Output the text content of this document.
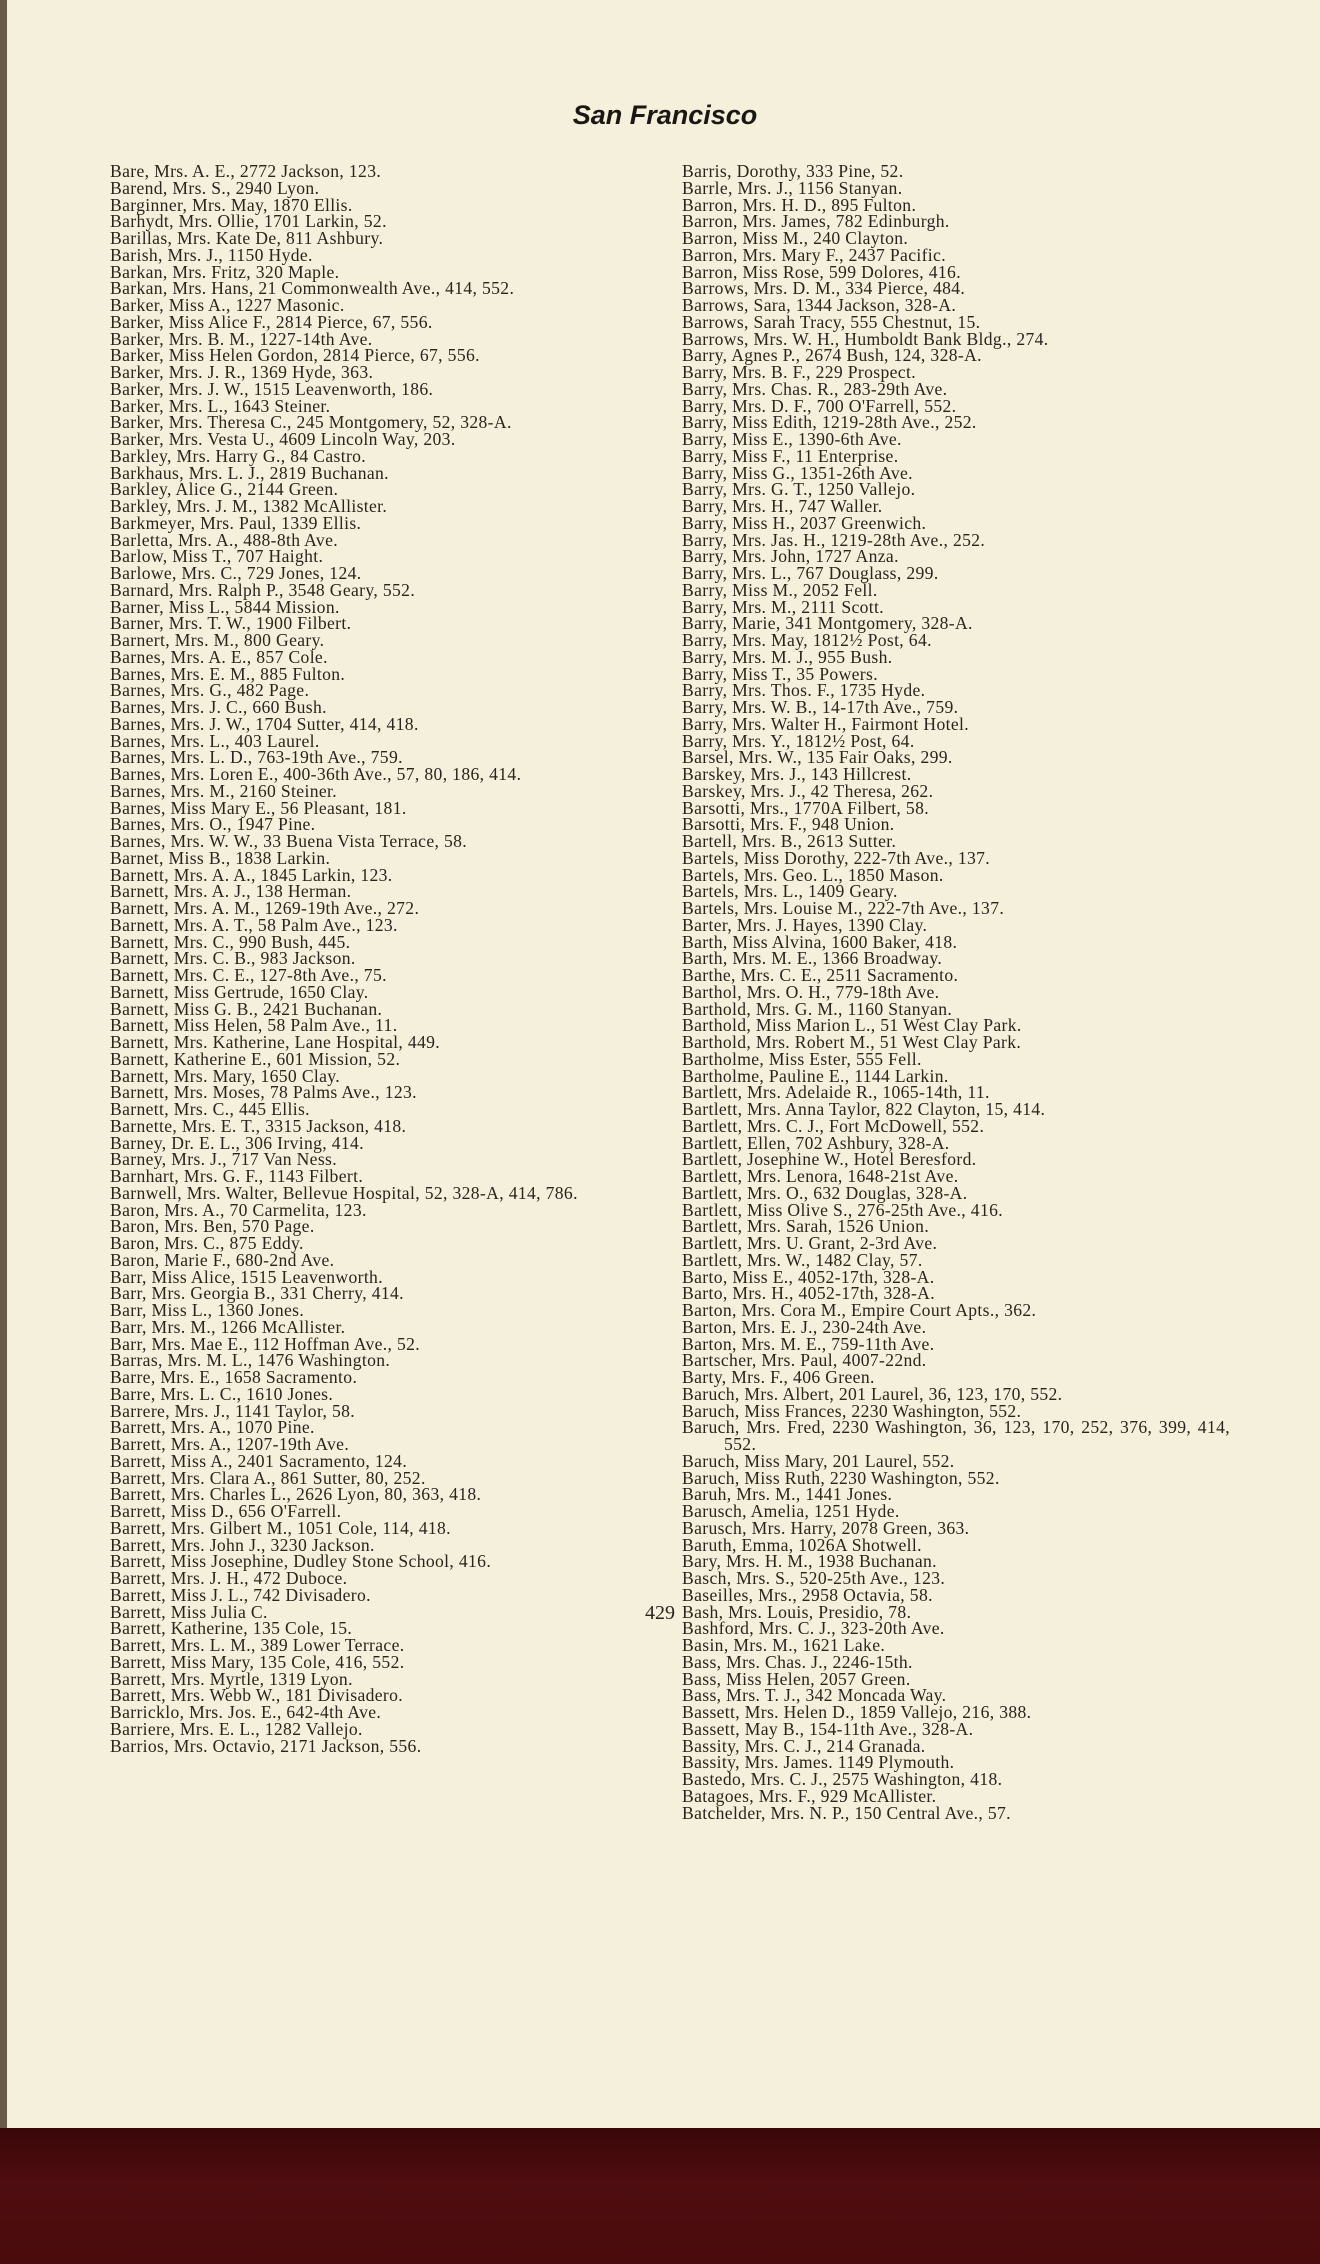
San Francisco
Bare, Mrs. A. E., 2772 Jackson, 123.
Barend, Mrs. S., 2940 Lyon.
Barginner, Mrs. May, 1870 Ellis.
Barhydt, Mrs. Ollie, 1701 Larkin, 52.
Barillas, Mrs. Kate De, 811 Ashbury.
Barish, Mrs. J., 1150 Hyde.
Barkan, Mrs. Fritz, 320 Maple.
Barkan, Mrs. Hans, 21 Commonwealth Ave., 414, 552.
Barker, Miss A., 1227 Masonic.
Barker, Miss Alice F., 2814 Pierce, 67, 556.
Barker, Mrs. B. M., 1227-14th Ave.
Barker, Miss Helen Gordon, 2814 Pierce, 67, 556.
Barker, Mrs. J. R., 1369 Hyde, 363.
Barker, Mrs. J. W., 1515 Leavenworth, 186.
Barker, Mrs. L., 1643 Steiner.
Barker, Mrs. Theresa C., 245 Montgomery, 52, 328-A.
Barker, Mrs. Vesta U., 4609 Lincoln Way, 203.
Barkley, Mrs. Harry G., 84 Castro.
Barkhaus, Mrs. L. J., 2819 Buchanan.
Barkley, Alice G., 2144 Green.
Barkley, Mrs. J. M., 1382 McAllister.
Barkmeyer, Mrs. Paul, 1339 Ellis.
Barletta, Mrs. A., 488-8th Ave.
Barlow, Miss T., 707 Haight.
Barlowe, Mrs. C., 729 Jones, 124.
Barnard, Mrs. Ralph P., 3548 Geary, 552.
Barner, Miss L., 5844 Mission.
Barner, Mrs. T. W., 1900 Filbert.
Barnert, Mrs. M., 800 Geary.
Barnes, Mrs. A. E., 857 Cole.
Barnes, Mrs. E. M., 885 Fulton.
Barnes, Mrs. G., 482 Page.
Barnes, Mrs. J. C., 660 Bush.
Barnes, Mrs. J. W., 1704 Sutter, 414, 418.
Barnes, Mrs. L., 403 Laurel.
Barnes, Mrs. L. D., 763-19th Ave., 759.
Barnes, Mrs. Loren E., 400-36th Ave., 57, 80, 186, 414.
Barnes, Mrs. M., 2160 Steiner.
Barnes, Miss Mary E., 56 Pleasant, 181.
Barnes, Mrs. O., 1947 Pine.
Barnes, Mrs. W. W., 33 Buena Vista Terrace, 58.
Barnet, Miss B., 1838 Larkin.
Barnett, Mrs. A. A., 1845 Larkin, 123.
Barnett, Mrs. A. J., 138 Herman.
Barnett, Mrs. A. M., 1269-19th Ave., 272.
Barnett, Mrs. A. T., 58 Palm Ave., 123.
Barnett, Mrs. C., 990 Bush, 445.
Barnett, Mrs. C. B., 983 Jackson.
Barnett, Mrs. C. E., 127-8th Ave., 75.
Barnett, Miss Gertrude, 1650 Clay.
Barnett, Miss G. B., 2421 Buchanan.
Barnett, Miss Helen, 58 Palm Ave., 11.
Barnett, Mrs. Katherine, Lane Hospital, 449.
Barnett, Katherine E., 601 Mission, 52.
Barnett, Mrs. Mary, 1650 Clay.
Barnett, Mrs. Moses, 78 Palms Ave., 123.
Barnett, Mrs. C., 445 Ellis.
Barnette, Mrs. E. T., 3315 Jackson, 418.
Barney, Dr. E. L., 306 Irving, 414.
Barney, Mrs. J., 717 Van Ness.
Barnhart, Mrs. G. F., 1143 Filbert.
Barnwell, Mrs. Walter, Bellevue Hospital, 52, 328-A, 414, 786.
Baron, Mrs. A., 70 Carmelita, 123.
Baron, Mrs. Ben, 570 Page.
Baron, Mrs. C., 875 Eddy.
Baron, Marie F., 680-2nd Ave.
Barr, Miss Alice, 1515 Leavenworth.
Barr, Mrs. Georgia B., 331 Cherry, 414.
Barr, Miss L., 1360 Jones.
Barr, Mrs. M., 1266 McAllister.
Barr, Mrs. Mae E., 112 Hoffman Ave., 52.
Barras, Mrs. M. L., 1476 Washington.
Barre, Mrs. E., 1658 Sacramento.
Barre, Mrs. L. C., 1610 Jones.
Barrere, Mrs. J., 1141 Taylor, 58.
Barrett, Mrs. A., 1070 Pine.
Barrett, Mrs. A., 1207-19th Ave.
Barrett, Miss A., 2401 Sacramento, 124.
Barrett, Mrs. Clara A., 861 Sutter, 80, 252.
Barrett, Mrs. Charles L., 2626 Lyon, 80, 363, 418.
Barrett, Miss D., 656 O'Farrell.
Barrett, Mrs. Gilbert M., 1051 Cole, 114, 418.
Barrett, Mrs. John J., 3230 Jackson.
Barrett, Miss Josephine, Dudley Stone School, 416.
Barrett, Mrs. J. H., 472 Duboce.
Barrett, Miss J. L., 742 Divisadero.
Barrett, Miss Julia C.
Barrett, Katherine, 135 Cole, 15.
Barrett, Mrs. L. M., 389 Lower Terrace.
Barrett, Miss Mary, 135 Cole, 416, 552.
Barrett, Mrs. Myrtle, 1319 Lyon.
Barrett, Mrs. Webb W., 181 Divisadero.
Barricklo, Mrs. Jos. E., 642-4th Ave.
Barriere, Mrs. E. L., 1282 Vallejo.
Barrios, Mrs. Octavio, 2171 Jackson, 556.
Barris, Dorothy, 333 Pine, 52.
Barrle, Mrs. J., 1156 Stanyan.
Barron, Mrs. H. D., 895 Fulton.
Barron, Mrs. James, 782 Edinburgh.
Barron, Miss M., 240 Clayton.
Barron, Mrs. Mary F., 2437 Pacific.
Barron, Miss Rose, 599 Dolores, 416.
Barrows, Mrs. D. M., 334 Pierce, 484.
Barrows, Sara, 1344 Jackson, 328-A.
Barrows, Sarah Tracy, 555 Chestnut, 15.
Barrows, Mrs. W. H., Humboldt Bank Bldg., 274.
Barry, Agnes P., 2674 Bush, 124, 328-A.
Barry, Mrs. B. F., 229 Prospect.
Barry, Mrs. Chas. R., 283-29th Ave.
Barry, Mrs. D. F., 700 O'Farrell, 552.
Barry, Miss Edith, 1219-28th Ave., 252.
Barry, Miss E., 1390-6th Ave.
Barry, Miss F., 11 Enterprise.
Barry, Miss G., 1351-26th Ave.
Barry, Mrs. G. T., 1250 Vallejo.
Barry, Mrs. H., 747 Waller.
Barry, Miss H., 2037 Greenwich.
Barry, Mrs. Jas. H., 1219-28th Ave., 252.
Barry, Mrs. John, 1727 Anza.
Barry, Mrs. L., 767 Douglass, 299.
Barry, Miss M., 2052 Fell.
Barry, Mrs. M., 2111 Scott.
Barry, Marie, 341 Montgomery, 328-A.
Barry, Mrs. May, 1812½ Post, 64.
Barry, Mrs. M. J., 955 Bush.
Barry, Miss T., 35 Powers.
Barry, Mrs. Thos. F., 1735 Hyde.
Barry, Mrs. W. B., 14-17th Ave., 759.
Barry, Mrs. Walter H., Fairmont Hotel.
Barry, Mrs. Y., 1812½ Post, 64.
Barsel, Mrs. W., 135 Fair Oaks, 299.
Barskey, Mrs. J., 143 Hillcrest.
Barskey, Mrs. J., 42 Theresa, 262.
Barsotti, Mrs., 1770A Filbert, 58.
Barsotti, Mrs. F., 948 Union.
Bartell, Mrs. B., 2613 Sutter.
Bartels, Miss Dorothy, 222-7th Ave., 137.
Bartels, Mrs. Geo. L., 1850 Mason.
Bartels, Mrs. L., 1409 Geary.
Bartels, Mrs. Louise M., 222-7th Ave., 137.
Barter, Mrs. J. Hayes, 1390 Clay.
Barth, Miss Alvina, 1600 Baker, 418.
Barth, Mrs. M. E., 1366 Broadway.
Barthe, Mrs. C. E., 2511 Sacramento.
Barthol, Mrs. O. H., 779-18th Ave.
Barthold, Mrs. G. M., 1160 Stanyan.
Barthold, Miss Marion L., 51 West Clay Park.
Barthold, Mrs. Robert M., 51 West Clay Park.
Bartholme, Miss Ester, 555 Fell.
Bartholme, Pauline E., 1144 Larkin.
Bartlett, Mrs. Adelaide R., 1065-14th, 11.
Bartlett, Mrs. Anna Taylor, 822 Clayton, 15, 414.
Bartlett, Mrs. C. J., Fort McDowell, 552.
Bartlett, Ellen, 702 Ashbury, 328-A.
Bartlett, Josephine W., Hotel Beresford.
Bartlett, Mrs. Lenora, 1648-21st Ave.
Bartlett, Mrs. O., 632 Douglas, 328-A.
Bartlett, Miss Olive S., 276-25th Ave., 416.
Bartlett, Mrs. Sarah, 1526 Union.
Bartlett, Mrs. U. Grant, 2-3rd Ave.
Bartlett, Mrs. W., 1482 Clay, 57.
Barto, Miss E., 4052-17th, 328-A.
Barto, Mrs. H., 4052-17th, 328-A.
Barton, Mrs. Cora M., Empire Court Apts., 362.
Barton, Mrs. E. J., 230-24th Ave.
Barton, Mrs. M. E., 759-11th Ave.
Bartscher, Mrs. Paul, 4007-22nd.
Barty, Mrs. F., 406 Green.
Baruch, Mrs. Albert, 201 Laurel, 36, 123, 170, 552.
Baruch, Miss Frances, 2230 Washington, 552.
Baruch, Mrs. Fred, 2230 Washington, 36, 123, 170, 252, 376, 399, 414, 552.
Baruch, Miss Mary, 201 Laurel, 552.
Baruch, Miss Ruth, 2230 Washington, 552.
Baruh, Mrs. M., 1441 Jones.
Barusch, Amelia, 1251 Hyde.
Barusch, Mrs. Harry, 2078 Green, 363.
Baruth, Emma, 1026A Shotwell.
Bary, Mrs. H. M., 1938 Buchanan.
Basch, Mrs. S., 520-25th Ave., 123.
Baseilles, Mrs., 2958 Octavia, 58.
Bash, Mrs. Louis, Presidio, 78.
Bashford, Mrs. C. J., 323-20th Ave.
Basin, Mrs. M., 1621 Lake.
Bass, Mrs. Chas. J., 2246-15th.
Bass, Miss Helen, 2057 Green.
Bass, Mrs. T. J., 342 Moncada Way.
Bassett, Mrs. Helen D., 1859 Vallejo, 216, 388.
Bassett, May B., 154-11th Ave., 328-A.
Bassity, Mrs. C. J., 214 Granada.
Bassity, Mrs. James. 1149 Plymouth.
Bastedo, Mrs. C. J., 2575 Washington, 418.
Batagoes, Mrs. F., 929 McAllister.
Batchelder, Mrs. N. P., 150 Central Ave., 57.
429
